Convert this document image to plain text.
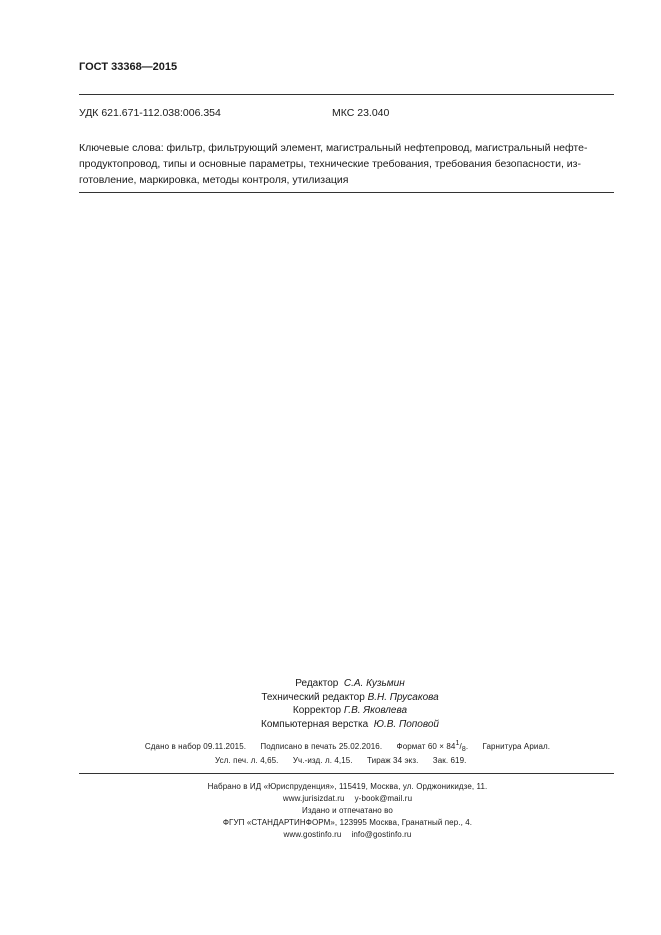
ГОСТ 33368—2015
УДК 621.671-112.038:006.354	МКС 23.040
Ключевые слова: фильтр, фильтрующий элемент, магистральный нефтепровод, магистральный нефте-
продуктопровод, типы и основные параметры, технические требования, требования безопасности, из-
готовление, маркировка, методы контроля, утилизация
Редактор С.А. Кузьмин
Технический редактор В.Н. Прусакова
Корректор Г.В. Яковлева
Компьютерная верстка Ю.В. Поповой
Сдано в набор 09.11.2015. Подписано в печать 25.02.2016. Формат $60 \times 84^1/_8$. Гарнитура Ариал.
Усл. печ. л. 4,65. Уч.-изд. л. 4,15. Тираж 34 экз. Зак. 619.
Набрано в ИД «Юриспруденция», 115419, Москва, ул. Орджоникидзе, 11.
www.jurisizdat.ru y-book@mail.ru
Издано и отпечатано во
ФГУП «СТАНДАРТИНФОРМ», 123995 Москва, Гранатный пер., 4.
www.gostinfo.ru info@gostinfo.ru
